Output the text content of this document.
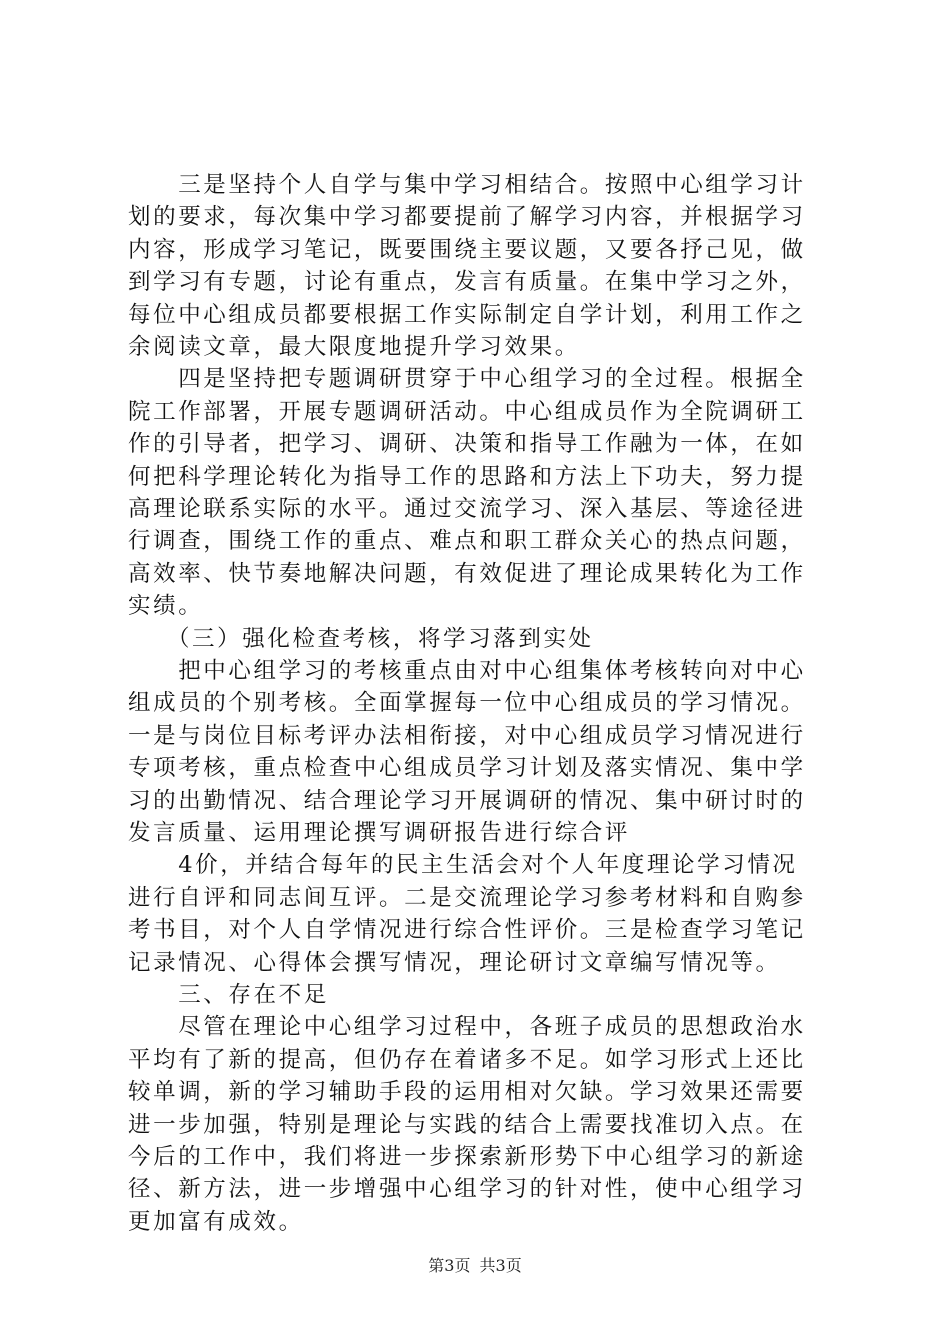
　　三是坚持个人自学与集中学习相结合。按照中心组学习计
划的要求，每次集中学习都要提前了解学习内容，并根据学习
内容，形成学习笔记，既要围绕主要议题，又要各抒己见，做
到学习有专题，讨论有重点，发言有质量。在集中学习之外，
每位中心组成员都要根据工作实际制定自学计划，利用工作之
余阅读文章，最大限度地提升学习效果。
　　四是坚持把专题调研贯穿于中心组学习的全过程。根据全
院工作部署，开展专题调研活动。中心组成员作为全院调研工
作的引导者，把学习、调研、决策和指导工作融为一体，在如
何把科学理论转化为指导工作的思路和方法上下功夫，努力提
高理论联系实际的水平。通过交流学习、深入基层、等途径进
行调查，围绕工作的重点、难点和职工群众关心的热点问题，
高效率、快节奏地解决问题，有效促进了理论成果转化为工作
实绩。
　　（三）强化检查考核，将学习落到实处
　　把中心组学习的考核重点由对中心组集体考核转向对中心
组成员的个别考核。全面掌握每一位中心组成员的学习情况。
一是与岗位目标考评办法相衔接，对中心组成员学习情况进行
专项考核，重点检查中心组成员学习计划及落实情况、集中学
习的出勤情况、结合理论学习开展调研的情况、集中研讨时的
发言质量、运用理论撰写调研报告进行综合评
　　4价，并结合每年的民主生活会对个人年度理论学习情况
进行自评和同志间互评。二是交流理论学习参考材料和自购参
考书目，对个人自学情况进行综合性评价。三是检查学习笔记
记录情况、心得体会撰写情况，理论研讨文章编写情况等。
　　三、存在不足
　　尽管在理论中心组学习过程中，各班子成员的思想政治水
平均有了新的提高，但仍存在着诸多不足。如学习形式上还比
较单调，新的学习辅助手段的运用相对欠缺。学习效果还需要
进一步加强，特别是理论与实践的结合上需要找准切入点。在
今后的工作中，我们将进一步探索新形势下中心组学习的新途
径、新方法，进一步增强中心组学习的针对性，使中心组学习
更加富有成效。
第3页 共3页
